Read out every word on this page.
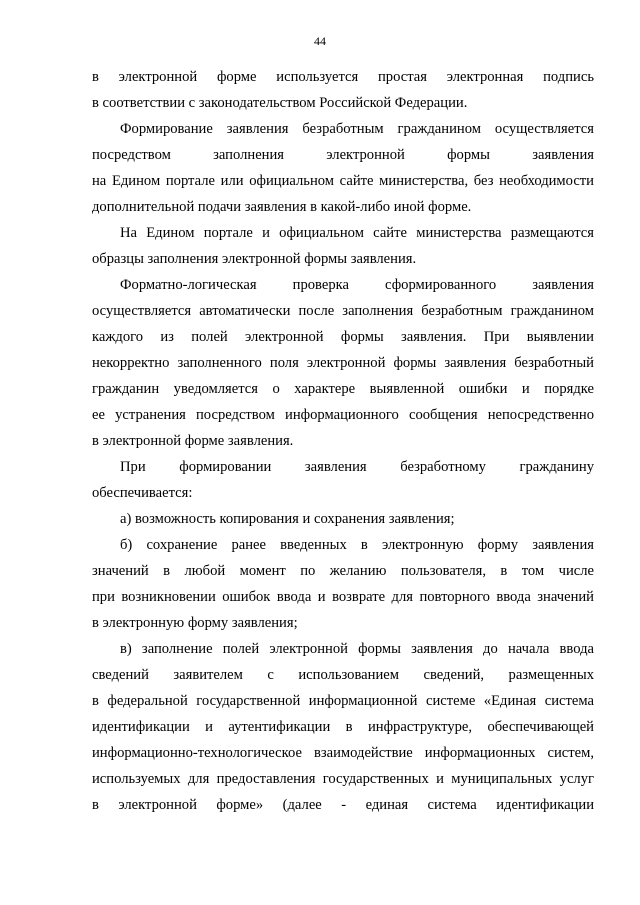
44
в электронной форме используется простая электронная подпись
в соответствии с законодательством Российской Федерации.
Формирование заявления безработным гражданином осуществляется
посредством заполнения электронной формы заявления
на Едином портале или официальном сайте министерства, без необходимости
дополнительной подачи заявления в какой-либо иной форме.
На Едином портале и официальном сайте министерства размещаются
образцы заполнения электронной формы заявления.
Форматно-логическая проверка сформированного заявления
осуществляется автоматически после заполнения безработным гражданином
каждого из полей электронной формы заявления. При выявлении
некорректно заполненного поля электронной формы заявления безработный
гражданин уведомляется о характере выявленной ошибки и порядке
ее устранения посредством информационного сообщения непосредственно
в электронной форме заявления.
При формировании заявления безработному гражданину
обеспечивается:
а) возможность копирования и сохранения заявления;
б) сохранение ранее введенных в электронную форму заявления
значений в любой момент по желанию пользователя, в том числе
при возникновении ошибок ввода и возврате для повторного ввода значений
в электронную форму заявления;
в) заполнение полей электронной формы заявления до начала ввода
сведений заявителем с использованием сведений, размещенных
в федеральной государственной информационной системе «Единая система
идентификации и аутентификации в инфраструктуре, обеспечивающей
информационно-технологическое взаимодействие информационных систем,
используемых для предоставления государственных и муниципальных услуг
в электронной форме» (далее - единая система идентификации
